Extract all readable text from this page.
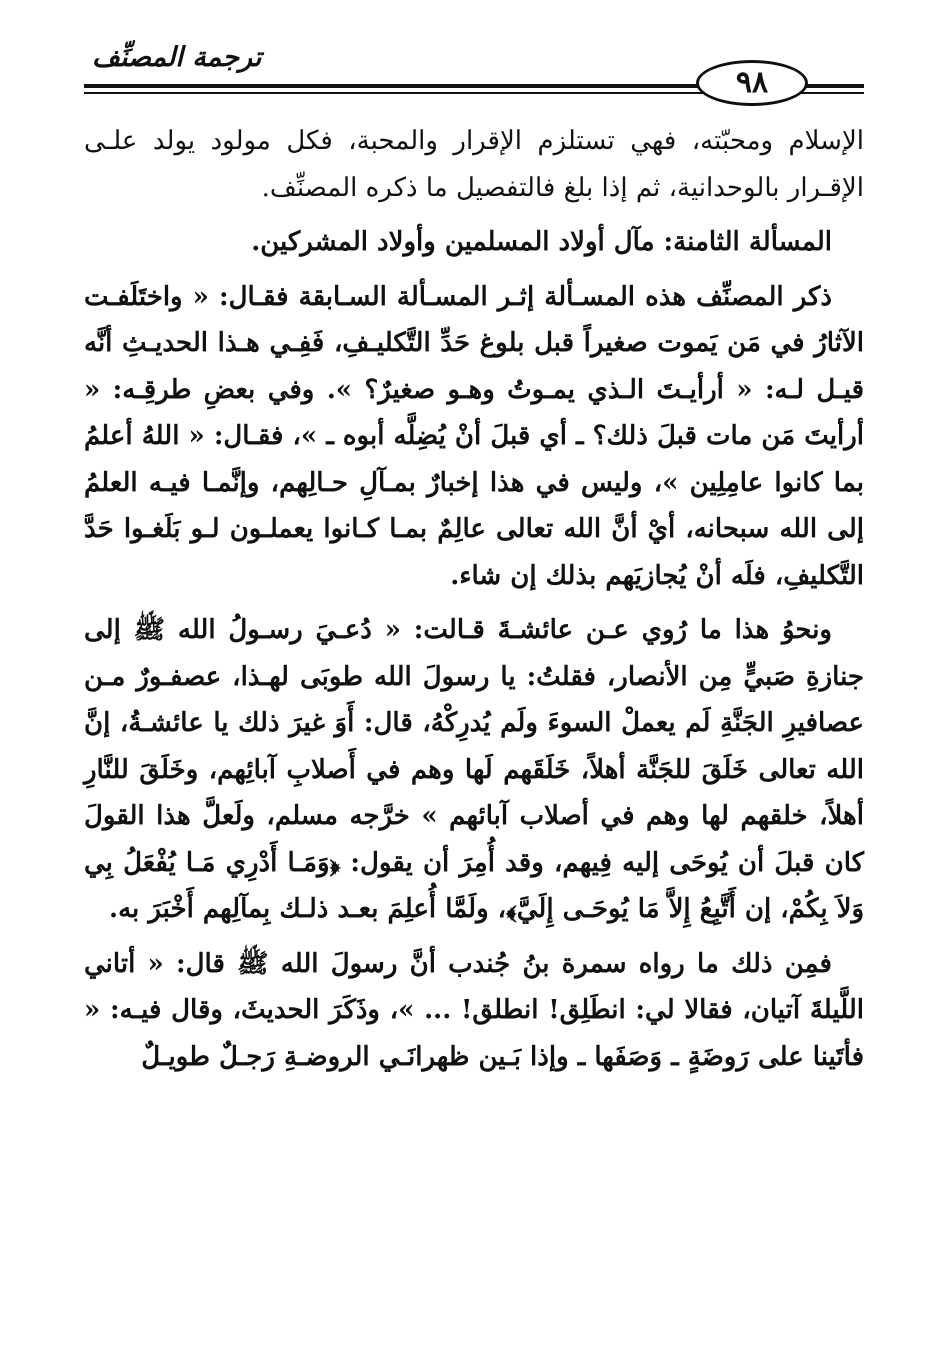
ترجمة المصنِّف
٩٨

الإسلام ومحبّته، فهي تستلزم الإقرار والمحبة، فكل مولود يولد علـى الإقـرار بالوحدانية، ثم إذا بلغ فالتفصيل ما ذكره المصنِّف.

المسألة الثامنة: مآل أولاد المسلمين وأولاد المشركين.

ذكر المصنِّف هذه المسـألة إثـر المسـألة السـابقة فقـال: « واختَلَفـت الآثارُ في مَن يَموت صغيراً قبل بلوغ حَدِّ التَّكليـفِ، فَفِـي هـذا الحديـثِ أنَّه قيـل لـه: « أرأيـتَ الـذي يمـوتُ وهـو صغيرٌ؟ ». وفي بعضِ طرقِـه: « أرأيتَ مَن مات قبلَ ذلك؟ ـ أي قبلَ أنْ يُضِلَّه أبوه ـ »، فقـال: « اللهُ أعلمُ بما كانوا عامِلِين »، وليس في هذا إخبارٌ بمـآلِ حـالِهم، وإنَّمـا فيـه العلمُ إلى الله سبحانه، أيْ أنَّ الله تعالى عالِمٌ بمـا كـانوا يعملـون لـو بَلَغـوا حَدَّ التَّكليفِ، فلَه أنْ يُجازيَهم بذلك إن شاء.

ونحوُ هذا ما رُوي عـن عائشـةَ قـالت: « دُعـيَ رسـولُ الله ﷺ إلى جنازةِ صَبيٍّ مِن الأنصار، فقلتُ: يا رسولَ الله طوبَى لهـذا، عصفـورٌ مـن عصافيرِ الجَنَّةِ لَم يعملْ السوءَ ولَم يُدرِكْهُ، قال: أَوَ غيرَ ذلك يا عائشـةُ، إنَّ الله تعالى خَلَقَ للجَنَّة أهلاً، خَلَقَهم لَها وهم في أَصلابِ آبائِهم، وخَلَقَ للنَّارِ أهلاً، خلقهم لها وهم في أصلاب آبائهم » خرَّجه مسلم، ولَعلَّ هذا القولَ كان قبلَ أن يُوحَى إليه فِيهم، وقد أُمِرَ أن يقول: ﴿وَمَـا أَدْرِي مَـا يُفْعَلُ بِي وَلاَ بِكُمْ، إن أَتَّبِعُ إِلاَّ مَا يُوحَـى إِلَيَّ﴾، ولَمَّا أُعلِمَ بعـد ذلـك بِمآلِهم أَخْبَرَ به.

فمِن ذلك ما رواه سمرة بنُ جُندب أنَّ رسولَ الله ﷺ قال: « أتاني اللَّيلةَ آتيان، فقالا لي: انطَلِق! انطلق! ... »، وذَكَرَ الحديثَ، وقال فيـه: « فأتَينا على رَوضَةٍ ـ وَصَفَها ـ وإذا بَـين ظهرانَـي الروضـةِ رَجـلٌ طويـلٌ
